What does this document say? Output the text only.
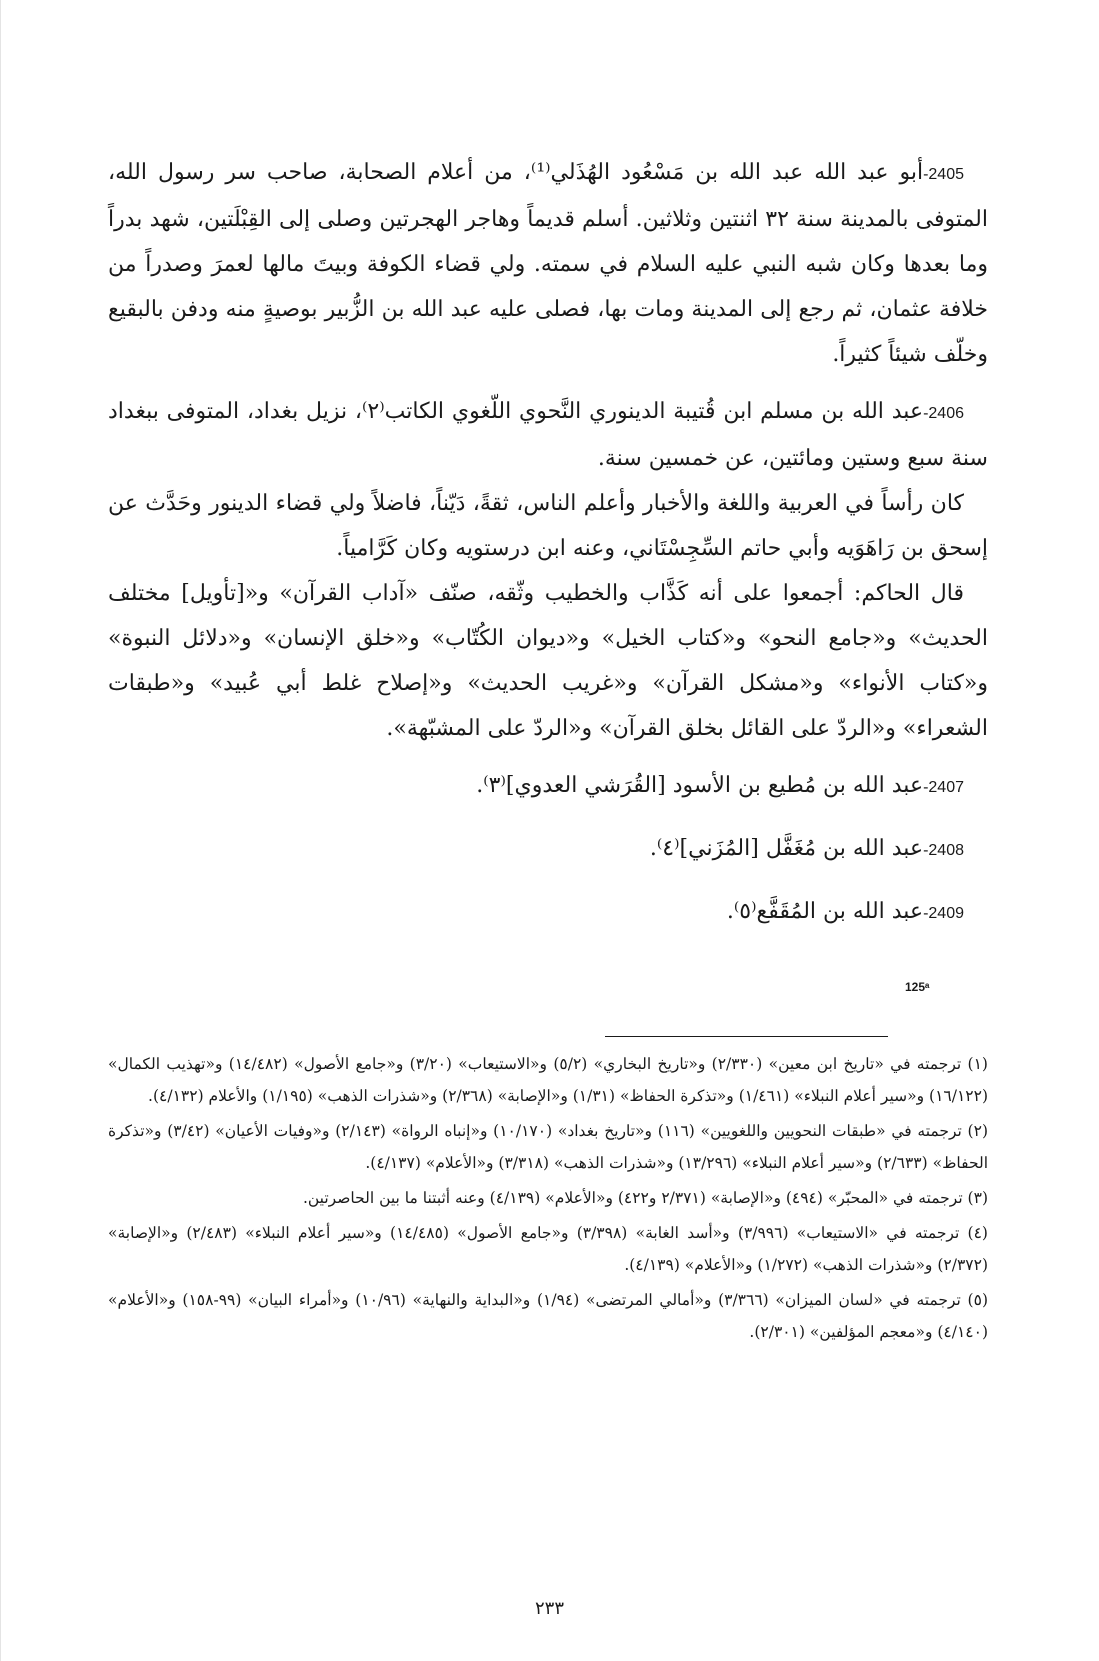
2405-أبو عبد الله عبد الله بن مَسْعُود الهُذَلي⁽¹⁾، من أعلام الصحابة، صاحب سر رسول الله، المتوفى بالمدينة سنة ٣٢ اثنتين وثلاثين. أسلم قديماً وهاجر الهجرتين وصلى إلى القِبْلَتين، شهد بدراً وما بعدها وكان شبه النبي عليه السلام في سمته. ولي قضاء الكوفة وبيتَ مالها لعمرَ وصدراً من خلافة عثمان، ثم رجع إلى المدينة ومات بها، فصلى عليه عبد الله بن الزُّبير بوصيةٍ منه ودفن بالبقيع وخلّف شيئاً كثيراً.

2406-عبد الله بن مسلم ابن قُتيبة الدينوري النَّحوي اللّغوي الكاتب⁽٢⁾، نزيل بغداد، المتوفى ببغداد سنة سبع وستين ومائتين، عن خمسين سنة.

كان رأساً في العربية واللغة والأخبار وأعلم الناس، ثقةً، دَيّناً، فاضلاً ولي قضاء الدينور وحَدَّث عن إسحق بن رَاهَوَيه وأبي حاتم السِّجِسْتَاني، وعنه ابن درستويه وكان كَرَّامياً.

قال الحاكم: أجمعوا على أنه كَذَّاب والخطيب وثّقه، صنّف «آداب القرآن» و«[تأويل] مختلف الحديث» و«جامع النحو» و«كتاب الخيل» و«ديوان الكُتّاب» و«خلق الإنسان» و«دلائل النبوة» و«كتاب الأنواء» و«مشكل القرآن» و«غريب الحديث» و«إصلاح غلط أبي عُبيد» و«طبقات الشعراء» و«الردّ على القائل بخلق القرآن» و«الردّ على المشبّهة».

2407-عبد الله بن مُطيع بن الأسود [القُرَشي العدوي]⁽٣⁾.

2408-عبد الله بن مُغَفَّل [المُزَني]⁽٤⁾.

2409-عبد الله بن المُقَفَّع⁽٥⁾.

125ᵃ

(١) ترجمته في «تاريخ ابن معين» (٢/٣٣٠) و«تاريخ البخاري» (٥/٢) و«الاستيعاب» (٣/٢٠) و«جامع الأصول» (١٤/٤٨٢) و«تهذيب الكمال» (١٦/١٢٢) و«سير أعلام النبلاء» (١/٤٦١) و«تذكرة الحفاظ» (١/٣١) و«الإصابة» (٢/٣٦٨) و«شذرات الذهب» (١/١٩٥) والأعلام (٤/١٣٢).

(٢) ترجمته في «طبقات النحويين واللغويين» (١١٦) و«تاريخ بغداد» (١٠/١٧٠) و«إنباه الرواة» (٢/١٤٣) و«وفيات الأعيان» (٣/٤٢) و«تذكرة الحفاظ» (٢/٦٣٣) و«سير أعلام النبلاء» (١٣/٢٩٦) و«شذرات الذهب» (٣/٣١٨) و«الأعلام» (٤/١٣٧).

(٣) ترجمته في «المحبّر» (٤٩٤) و«الإصابة» (٢/٣٧١ و٤٢٢) و«الأعلام» (٤/١٣٩) وعنه أثبتنا ما بين الحاصرتين.

(٤) ترجمته في «الاستيعاب» (٣/٩٩٦) و«أسد الغابة» (٣/٣٩٨) و«جامع الأصول» (١٤/٤٨٥) و«سير أعلام النبلاء» (٢/٤٨٣) و«الإصابة» (٢/٣٧٢) و«شذرات الذهب» (١/٢٧٢) و«الأعلام» (٤/١٣٩).

(٥) ترجمته في «لسان الميزان» (٣/٣٦٦) و«أمالي المرتضى» (١/٩٤) و«البداية والنهاية» (١٠/٩٦) و«أمراء البيان» (٩٩-١٥٨) و«الأعلام» (٤/١٤٠) و«معجم المؤلفين» (٢/٣٠١).

٢٣٣
